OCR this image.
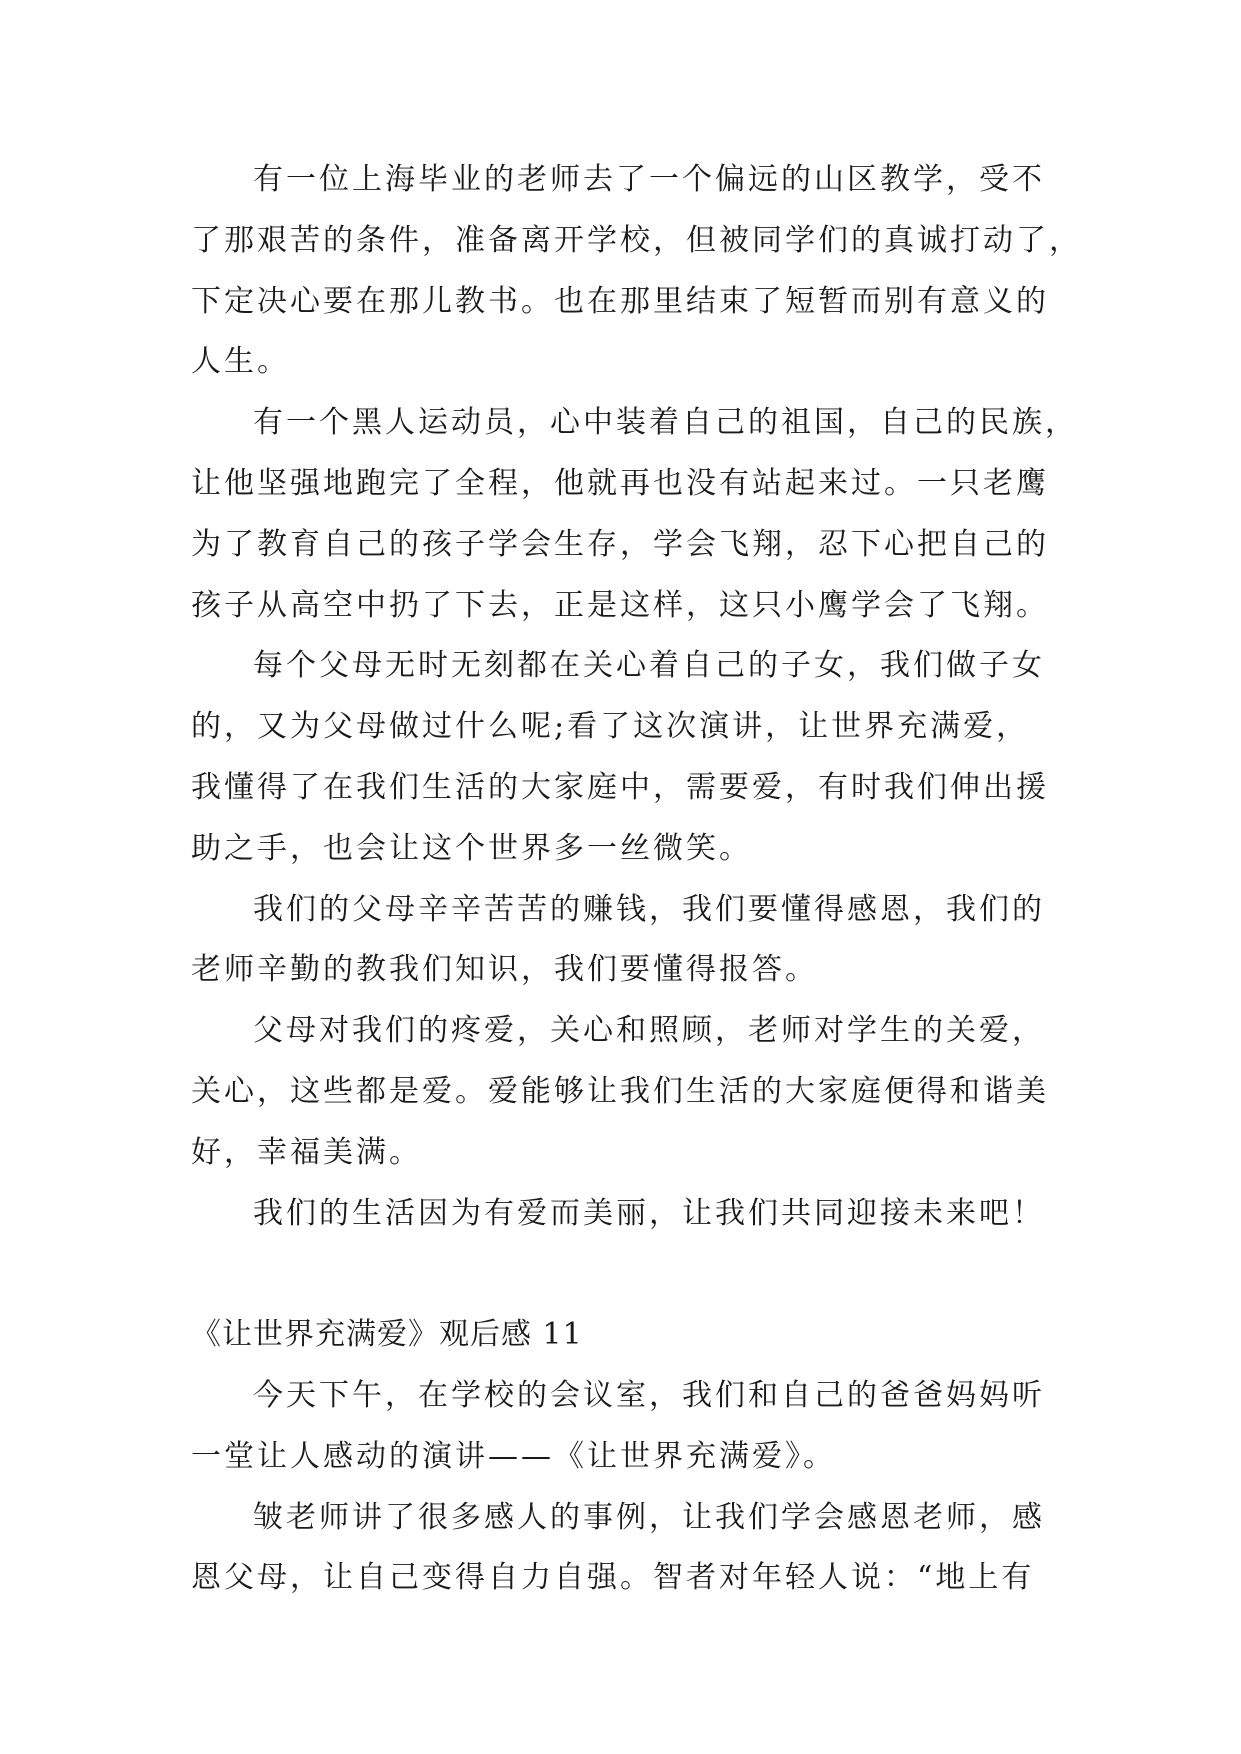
有一位上海毕业的老师去了一个偏远的山区教学，受不
了那艰苦的条件，准备离开学校，但被同学们的真诚打动了，
下定决心要在那儿教书。也在那里结束了短暂而别有意义的
人生。
有一个黑人运动员，心中装着自己的祖国，自己的民族，
让他坚强地跑完了全程，他就再也没有站起来过。一只老鹰
为了教育自己的孩子学会生存，学会飞翔，忍下心把自己的
孩子从高空中扔了下去，正是这样，这只小鹰学会了飞翔。
每个父母无时无刻都在关心着自己的子女，我们做子女
的，又为父母做过什么呢;看了这次演讲，让世界充满爱，
我懂得了在我们生活的大家庭中，需要爱，有时我们伸出援
助之手，也会让这个世界多一丝微笑。
我们的父母辛辛苦苦的赚钱，我们要懂得感恩，我们的
老师辛勤的教我们知识，我们要懂得报答。
父母对我们的疼爱，关心和照顾，老师对学生的关爱，
关心，这些都是爱。爱能够让我们生活的大家庭便得和谐美
好，幸福美满。
我们的生活因为有爱而美丽，让我们共同迎接未来吧！
《让世界充满爱》观后感 11
今天下午，在学校的会议室，我们和自己的爸爸妈妈听
一堂让人感动的演讲——《让世界充满爱》。
皱老师讲了很多感人的事例，让我们学会感恩老师，感
恩父母，让自己变得自力自强。智者对年轻人说：“地上有
